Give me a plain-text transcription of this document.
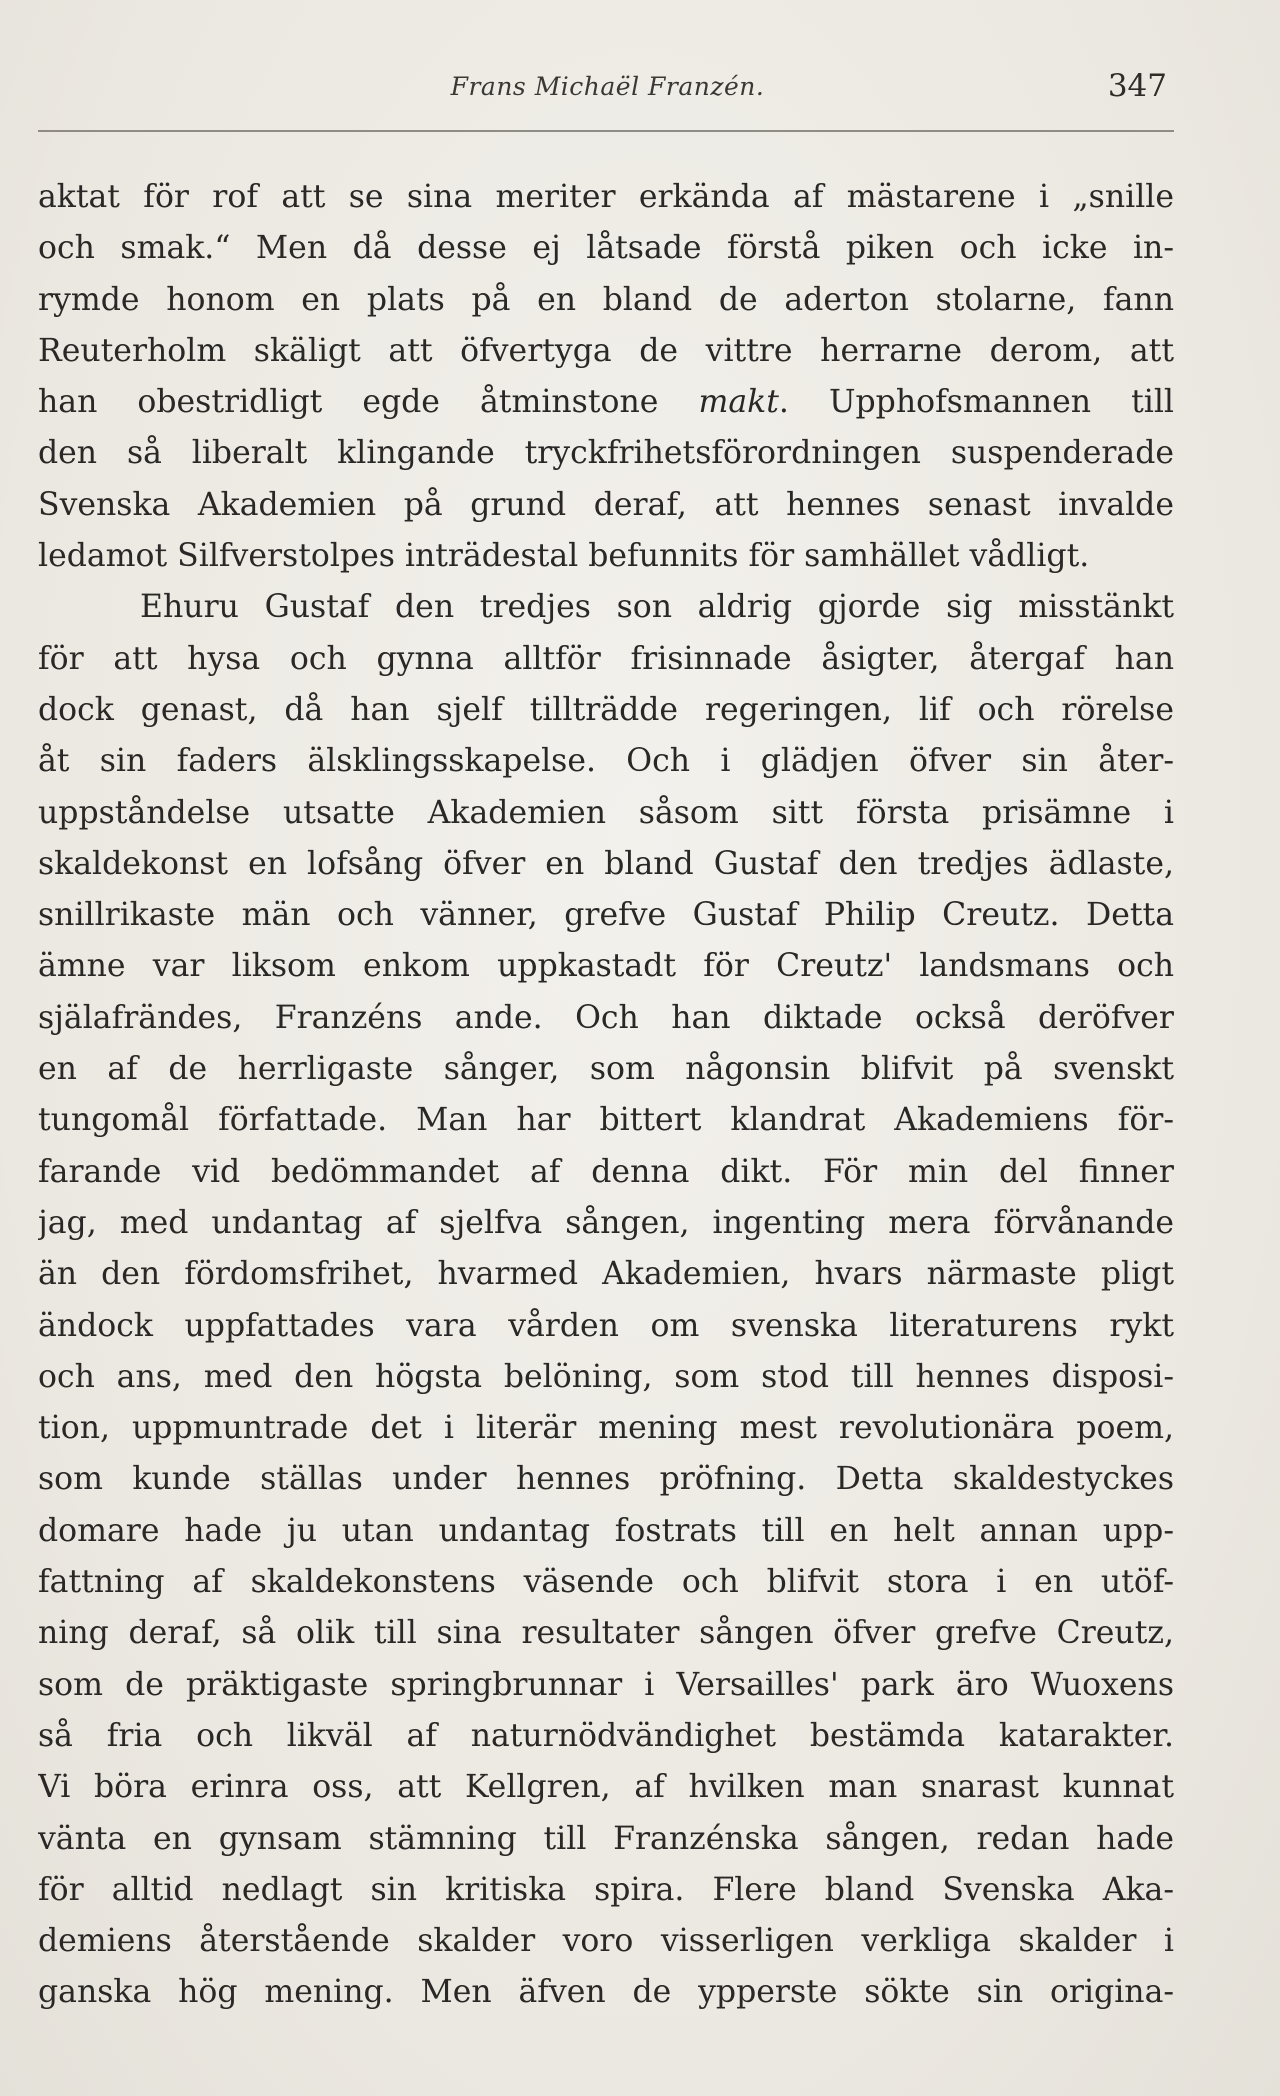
Frans Michaël Franzén.	347
aktat för rof att se sina meriter erkända af mästarene i „snille
och smak.“ Men då desse ej låtsade förstå piken och icke in-
rymde honom en plats på en bland de aderton stolarne, fann
Reuterholm skäligt att öfvertyga de vittre herrarne derom, att
han obestridligt egde åtminstone makt. Upphofsmannen till
den så liberalt klingande tryckfrihetsförordningen suspenderade
Svenska Akademien på grund deraf, att hennes senast invalde
ledamot Silfverstolpes inträdestal befunnits för samhället vådligt.
Ehuru Gustaf den tredjes son aldrig gjorde sig misstänkt
för att hysa och gynna alltför frisinnade åsigter, återgaf han
dock genast, då han sjelf tillträdde regeringen, lif och rörelse
åt sin faders älsklingsskapelse. Och i glädjen öfver sin åter-
uppståndelse utsatte Akademien såsom sitt första prisämne i
skaldekonst en lofsång öfver en bland Gustaf den tredjes ädlaste,
snillrikaste män och vänner, grefve Gustaf Philip Creutz. Detta
ämne var liksom enkom uppkastadt för Creutz' landsmans och
själafrändes, Franzéns ande. Och han diktade också deröfver
en af de herrligaste sånger, som någonsin blifvit på svenskt
tungomål författade. Man har bittert klandrat Akademiens för-
farande vid bedömmandet af denna dikt. För min del finner
jag, med undantag af sjelfva sången, ingenting mera förvånande
än den fördomsfrihet, hvarmed Akademien, hvars närmaste pligt
ändock uppfattades vara vården om svenska literaturens rykt
och ans, med den högsta belöning, som stod till hennes disposi-
tion, uppmuntrade det i literär mening mest revolutionära poem,
som kunde ställas under hennes pröfning. Detta skaldestyckes
domare hade ju utan undantag fostrats till en helt annan upp-
fattning af skaldekonstens väsende och blifvit stora i en utöf-
ning deraf, så olik till sina resultater sången öfver grefve Creutz,
som de präktigaste springbrunnar i Versailles' park äro Wuoxens
så fria och likväl af naturnödvändighet bestämda katarakter.
Vi böra erinra oss, att Kellgren, af hvilken man snarast kunnat
vänta en gynsam stämning till Franzénska sången, redan hade
för alltid nedlagt sin kritiska spira. Flere bland Svenska Aka-
demiens återstående skalder voro visserligen verkliga skalder i
ganska hög mening. Men äfven de ypperste sökte sin originа-
